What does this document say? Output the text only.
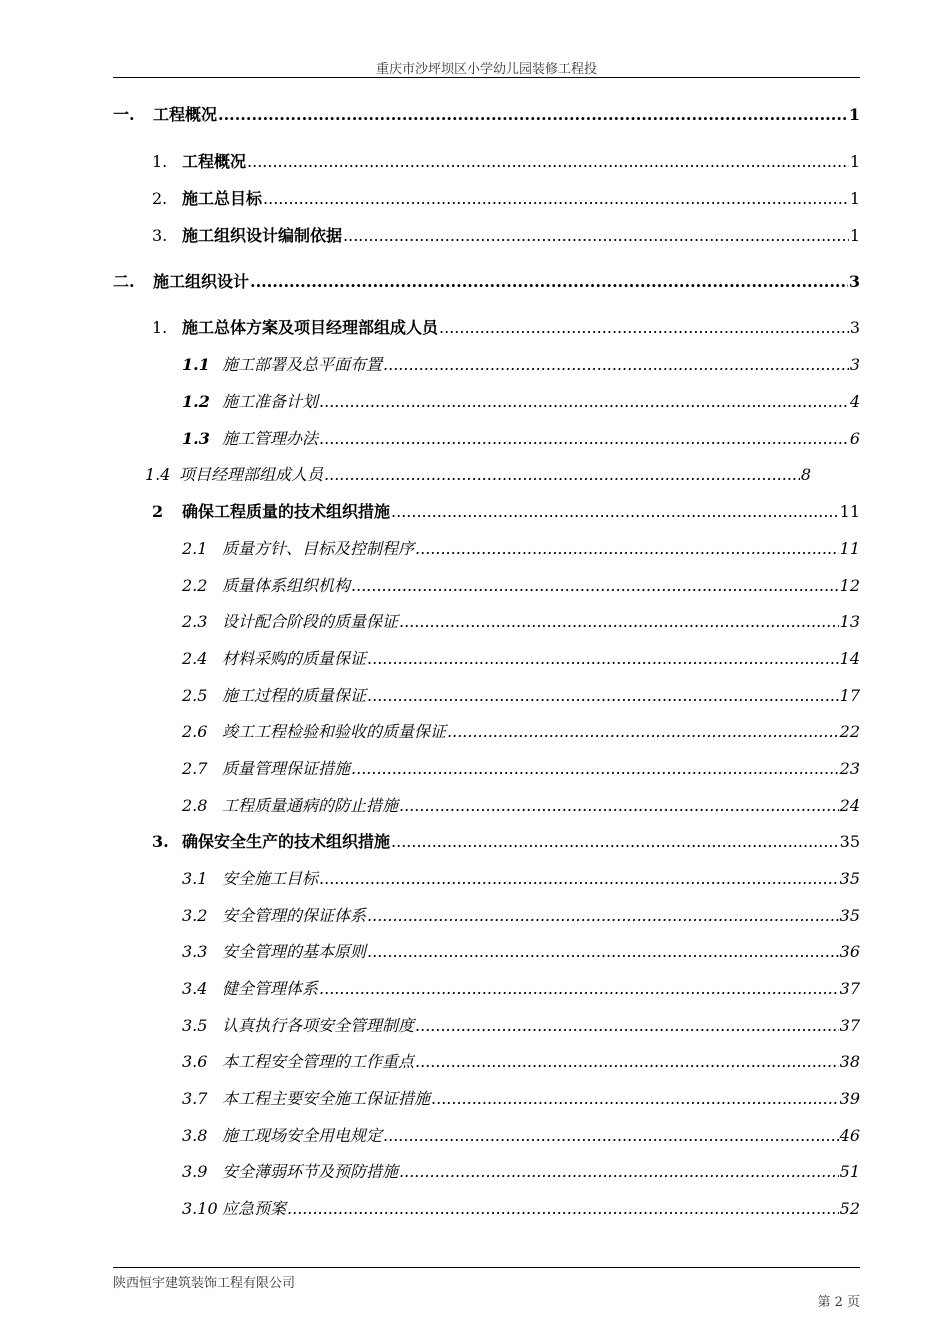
重庆市沙坪坝区小学幼儿园装修工程投
一.	工程概况 .....	1
1. 工程概况 .....	1
2. 施工总目标 .....	1
3. 施工组织设计编制依据 .....	1
二.	施工组织设计 .....	3
1. 施工总体方案及项目经理部组成人员 .....	3
1.1 施工部署及总平面布置 .....	3
1.2 施工准备计划 .....	4
1.3 施工管理办法 .....	6
1.4 项目经理部组成人员 .....	8
2	确保工程质量的技术组织措施 .....	11
2.1 质量方针、目标及控制程序 .....	11
2.2 质量体系组织机构 .....	12
2.3 设计配合阶段的质量保证 .....	13
2.4 材料采购的质量保证 .....	14
2.5 施工过程的质量保证 .....	17
2.6 竣工工程检验和验收的质量保证 .....	22
2.7 质量管理保证措施 .....	23
2.8 工程质量通病的防止措施 .....	24
3. 确保安全生产的技术组织措施 .....	35
3.1 安全施工目标 .....	35
3.2 安全管理的保证体系 .....	35
3.3 安全管理的基本原则 .....	36
3.4 健全管理体系 .....	37
3.5 认真执行各项安全管理制度 .....	37
3.6 本工程安全管理的工作重点 .....	38
3.7 本工程主要安全施工保证措施 .....	39
3.8 施工现场安全用电规定 .....	46
3.9 安全薄弱环节及预防措施 .....	51
3.10 应急预案 .....	52
陕西恒宇建筑装饰工程有限公司
第 2 页
